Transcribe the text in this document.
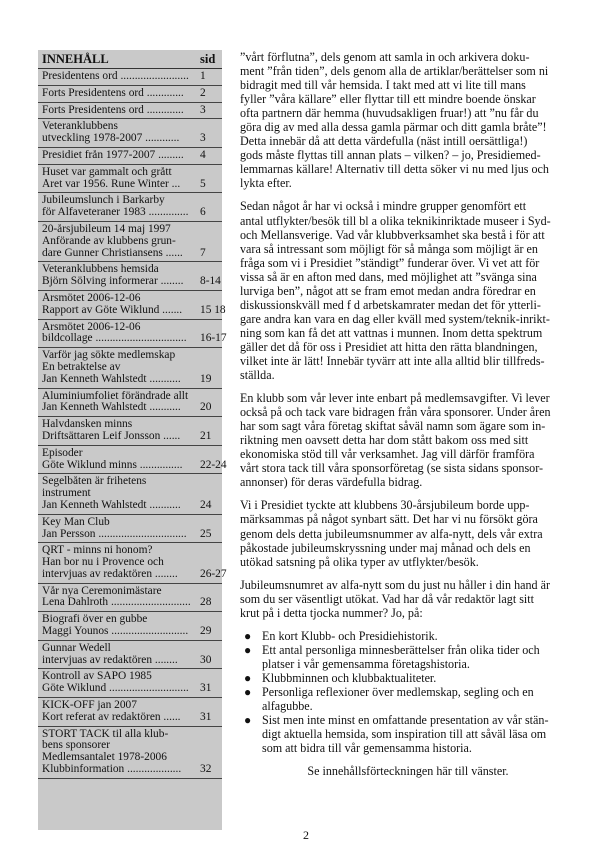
INNEHÅLL	sid
Presidentens ord ........................ 1
Forts Presidentens ord .............	2
Forts Presidentens ord .............	3
Veteranklubbens
utveckling 1978-2007 ............	3
Presidiet från 1977-2007 .........	4
Huset var gammalt och grått
Året var 1956. Rune Winter ...	5
Jubileumslunch i Barkarby
för Alfaveteraner 1983 ..............	6
20-årsjubileum 14 maj 1997
Anförande av klubbens grun-
dare Gunner Christiansens ......	7
Veteranklubbens hemsida
Björn Sölving informerar ........	8-14
Årsmötet 2006-12-06
Rapport av Göte Wiklund .......	15 18
Årsmötet 2006-12-06
bildcollage ................................	16-17
Varför jag sökte medlemskap
En betraktelse av
Jan Kenneth Wahlstedt ...........	19
Aluminiumfoliet förändrade allt
Jan Kenneth Wahlstedt ...........	20
Halvdansken minns
Driftsättaren Leif Jonsson ......	21
Episoder
Göte Wiklund minns ...............	22-24
Segelbåten är frihetens
instrument
Jan Kenneth Wahlstedt ...........	24
Key Man Club
Jan Persson ...............................	25
QRT - minns ni honom?
Han bor nu i Provence och
intervjuas av redaktören ........	26-27
Vår nya Ceremonimästare
Lena Dahlroth ............................ 28
Biografi över en gubbe
Maggi Younos ...........................	29
Gunnar Wedell
intervjuas av redaktören ........	30
Kontroll av SÄPO 1985
Göte Wiklund ............................ 31
KICK-OFF jan 2007
Kort referat av redaktören ......	31
STORT TACK til alla klub-
bens sponsorer
Medlemsantalet 1978-2006
Klubbinformation ...................	32

”vårt förflutna”, dels genom att samla in och arkivera doku-
ment ”från tiden”, dels genom alla de artiklar/berättelser som ni
bidragit med till vår hemsida. I takt med att vi lite till mans
fyller ”våra källare” eller flyttar till ett mindre boende önskar
ofta partnern där hemma (huvudsakligen fruar!) att ”nu får du
göra dig av med alla dessa gamla pärmar och ditt gamla bråte”!
Detta innebär då att detta värdefulla (näst intill oersättliga!)
gods måste flyttas till annan plats – vilken? – jo, Presidiemed-
lemmarnas källare! Alternativ till detta söker vi nu med ljus och
lykta efter.

Sedan något år har vi också i mindre grupper genomfört ett
antal utflykter/besök till bl a olika teknikinriktade museer i Syd-
och Mellansverige. Vad vår klubbverksamhet ska bestå i för att
vara så intressant som möjligt för så många som möjligt är en
fråga som vi i Presidiet ”ständigt” funderar över. Vi vet att för
vissa så är en afton med dans, med möjlighet att ”svänga sina
lurviga ben”, något att se fram emot medan andra föredrar en
diskussionskväll med f d arbetskamrater medan det för ytterli-
gare andra kan vara en dag eller kväll med system/teknik-inrikt-
ning som kan få det att vattnas i munnen. Inom detta spektrum
gäller det då för oss i Presidiet att hitta den rätta blandningen,
vilket inte är lätt! Innebär tyvärr att inte alla alltid blir tillfreds-
ställda.

En klubb som vår lever inte enbart på medlemsavgifter. Vi lever
också på och tack vare bidragen från våra sponsorer. Under åren
har som sagt våra företag skiftat såväl namn som ägare som in-
riktning men oavsett detta har dom stått bakom oss med sitt
ekonomiska stöd till vår verksamhet. Jag vill därför framföra
vårt stora tack till våra sponsorföretag (se sista sidans sponsor-
annonser) för deras värdefulla bidrag.

Vi i Presidiet tyckte att klubbens 30-årsjubileum borde upp-
märksammas på något synbart sätt. Det har vi nu försökt göra
genom dels detta jubileumsnummer av alfa-nytt, dels vår extra
påkostade jubileumskryssning under maj månad och dels en
utökad satsning på olika typer av utflykter/besök.

Jubileumsnumret av alfa-nytt som du just nu håller i din hand är
som du ser väsentligt utökat. Vad har då vår redaktör lagt sitt
krut på i detta tjocka nummer? Jo, på:

● En kort Klubb- och Presidiehistorik.
● Ett antal personliga minnesberättelser från olika tider och
platser i vår gemensamma företagshistoria.
● Klubbminnen och klubbaktualiteter.
● Personliga reflexioner över medlemskap, segling och en
alfagubbe.
● Sist men inte minst en omfattande presentation av vår stän-
digt aktuella hemsida, som inspiration till att såväl läsa om
som att bidra till vår gemensamma historia.

Se innehållsförteckningen här till vänster.

2
